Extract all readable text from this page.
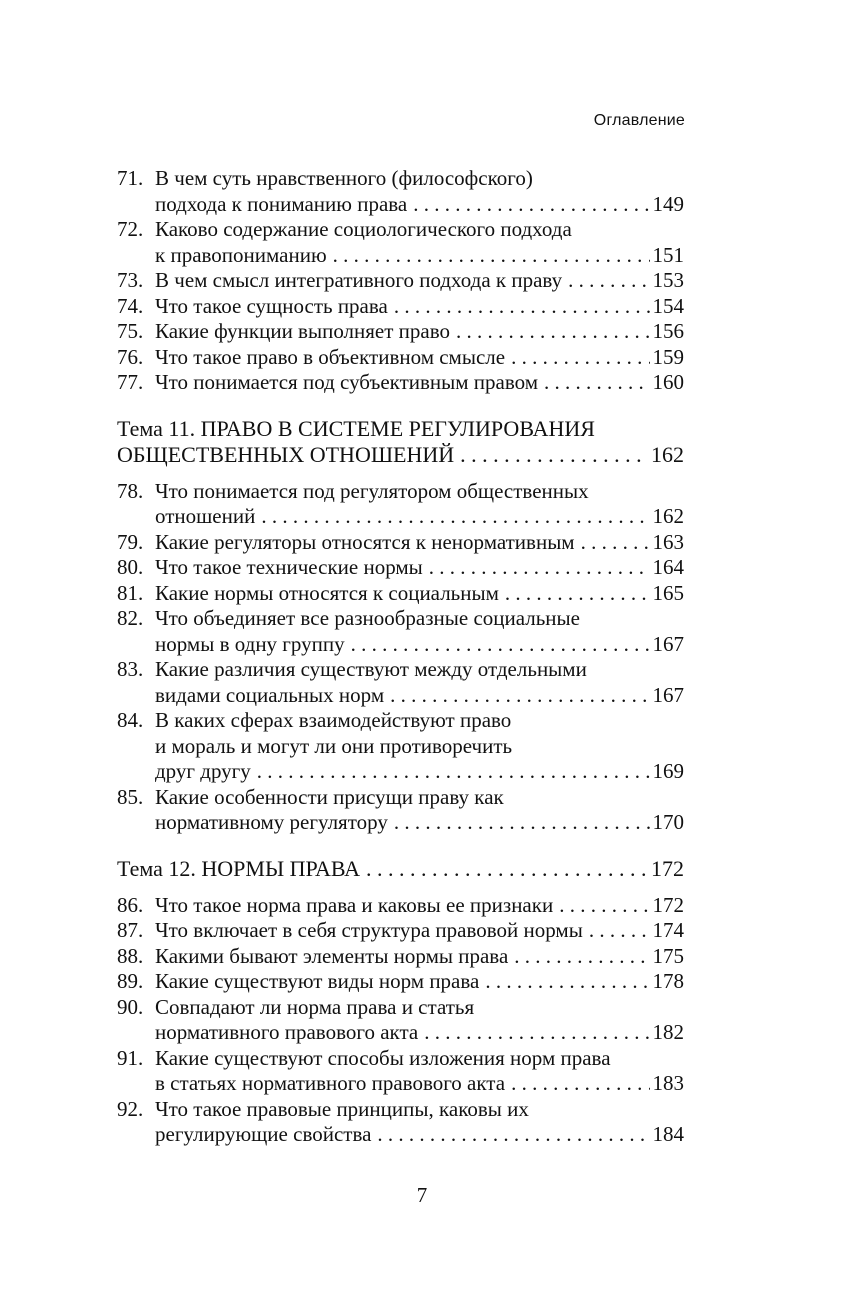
Оглавление
71. В чем суть нравственного (философского)
подхода к пониманию права . . .	149
72. Каково содержание социологического подхода
к правопониманию . . .	151
73. В чем смысл интегративного подхода к праву . . .	153
74. Что такое сущность права . . .	154
75. Какие функции выполняет право . . .	156
76. Что такое право в объективном смысле . . .	159
77. Что понимается под субъективным правом . . .	160
Тема 11. ПРАВО В СИСТЕМЕ РЕГУЛИРОВАНИЯ
ОБЩЕСТВЕННЫХ ОТНОШЕНИЙ . . .	162
78. Что понимается под регулятором общественных
отношений . . .	162
79. Какие регуляторы относятся к ненормативным . . .	163
80. Что такое технические нормы . . .	164
81. Какие нормы относятся к социальным . . .	165
82. Что объединяет все разнообразные социальные
нормы в одну группу . . .	167
83. Какие различия существуют между отдельными
видами социальных норм . . .	167
84. В каких сферах взаимодействуют право
и мораль и могут ли они противоречить
друг другу . . .	169
85. Какие особенности присущи праву как
нормативному регулятору . . .	170
Тема 12. НОРМЫ ПРАВА . . .	172
86. Что такое норма права и каковы ее признаки . . .	172
87. Что включает в себя структура правовой нормы . . .	174
88. Какими бывают элементы нормы права . . .	175
89. Какие существуют виды норм права . . .	178
90. Совпадают ли норма права и статья
нормативного правового акта . . .	182
91. Какие существуют способы изложения норм права
в статьях нормативного правового акта . . .	183
92. Что такое правовые принципы, каковы их
регулирующие свойства . . .	184
7
